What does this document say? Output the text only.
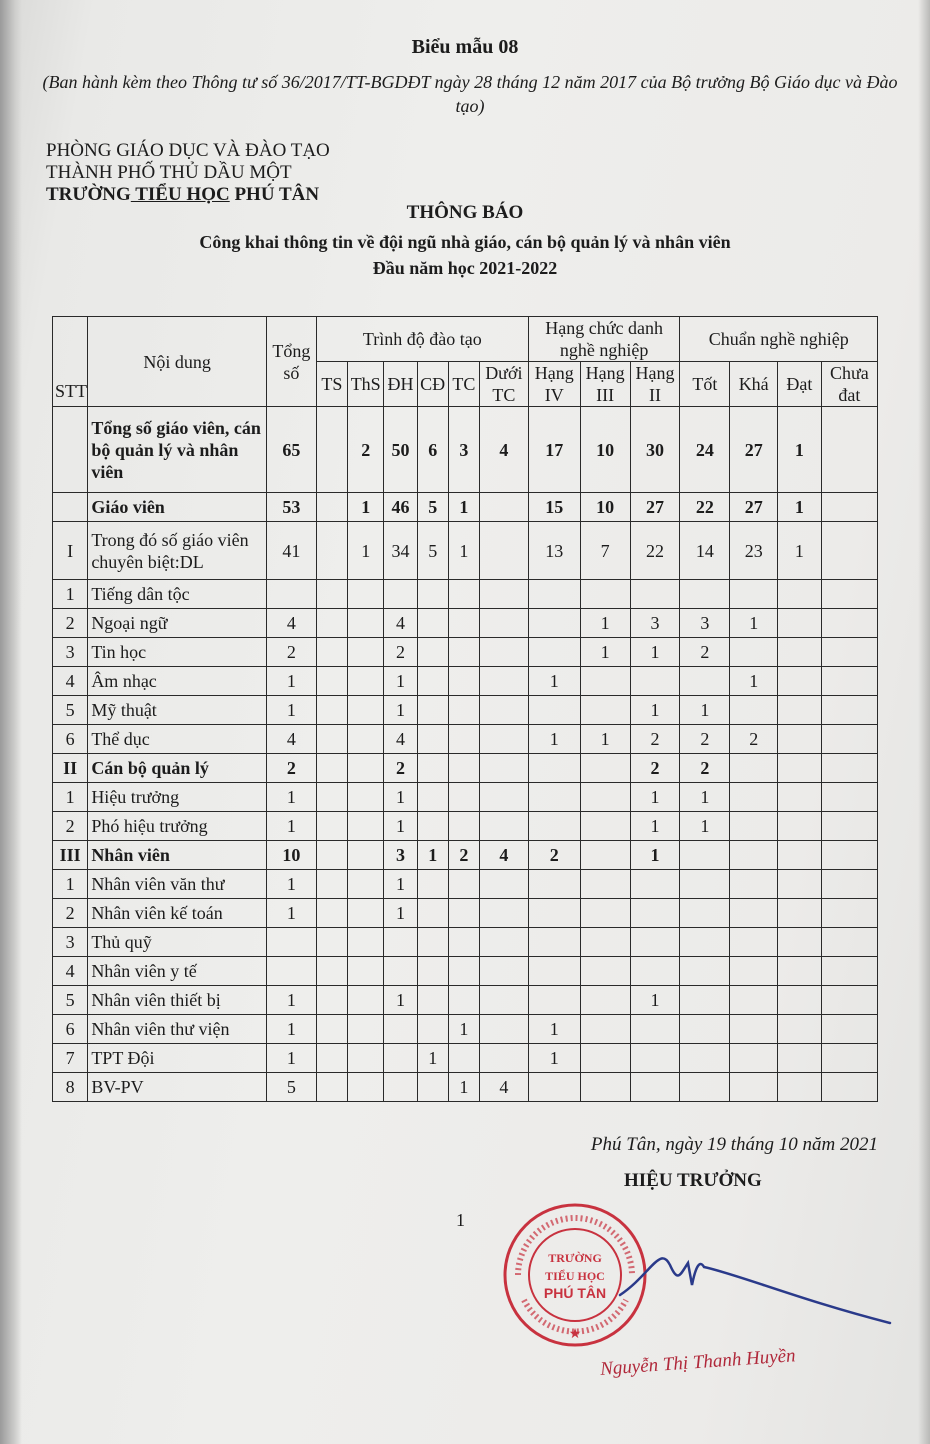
Biểu mẫu 08
(Ban hành kèm theo Thông tư số 36/2017/TT-BGDĐT ngày 28 tháng 12 năm 2017 của Bộ trưởng Bộ Giáo dục và Đào tạo)
PHÒNG GIÁO DỤC VÀ ĐÀO TẠO
THÀNH PHỐ THỦ DẦU MỘT
TRƯỜNG TIỂU HỌC PHÚ TÂN
THÔNG BÁO
Công khai thông tin về đội ngũ nhà giáo, cán bộ quản lý và nhân viên
Đầu năm học 2021-2022
STT	Nội dung	Tổng số	Trình độ đào tạo						Hạng chức danh nghề nghiệp			Chuẩn nghề nghiệp			
			TS	ThS	ĐH	CĐ	TC	Dưới TC	Hạng IV	Hạng III	Hạng II	Tốt	Khá	Đạt	Chưa đat
	Tổng số giáo viên, cán bộ quản lý và nhân viên	65		2	50	6	3	4	17	10	30	24	27	1	
	Giáo viên	53		1	46	5	1		15	10	27	22	27	1	
I	Trong đó số giáo viên chuyên biệt:DL	41		1	34	5	1		13	7	22	14	23	1	
1	Tiếng dân tộc														
2	Ngoại ngữ	4			4					1	3	3	1		
3	Tin học	2			2					1	1	2			
4	Âm nhạc	1			1				1				1		
5	Mỹ thuật	1			1						1	1			
6	Thể dục	4			4				1	1	2	2	2		
II	Cán bộ quản lý	2			2						2	2			
1	Hiệu trưởng	1			1						1	1			
2	Phó hiệu trưởng	1			1						1	1			
III	Nhân viên	10			3	1	2	4	2		1				
1	Nhân viên văn thư	1			1										
2	Nhân viên kế toán	1			1										
3	Thủ quỹ														
4	Nhân viên y tế														
5	Nhân viên thiết bị	1			1						1				
6	Nhân viên thư viện	1					1		1						
7	TPT Đội	1				1			1						
8	BV-PV	5					1	4							
Phú Tân, ngày 19 tháng 10 năm 2021
HIỆU TRƯỞNG
1
TRƯỜNG
TIỂU HỌC
PHÚ TÂN
★
Nguyễn Thị Thanh Huyền
